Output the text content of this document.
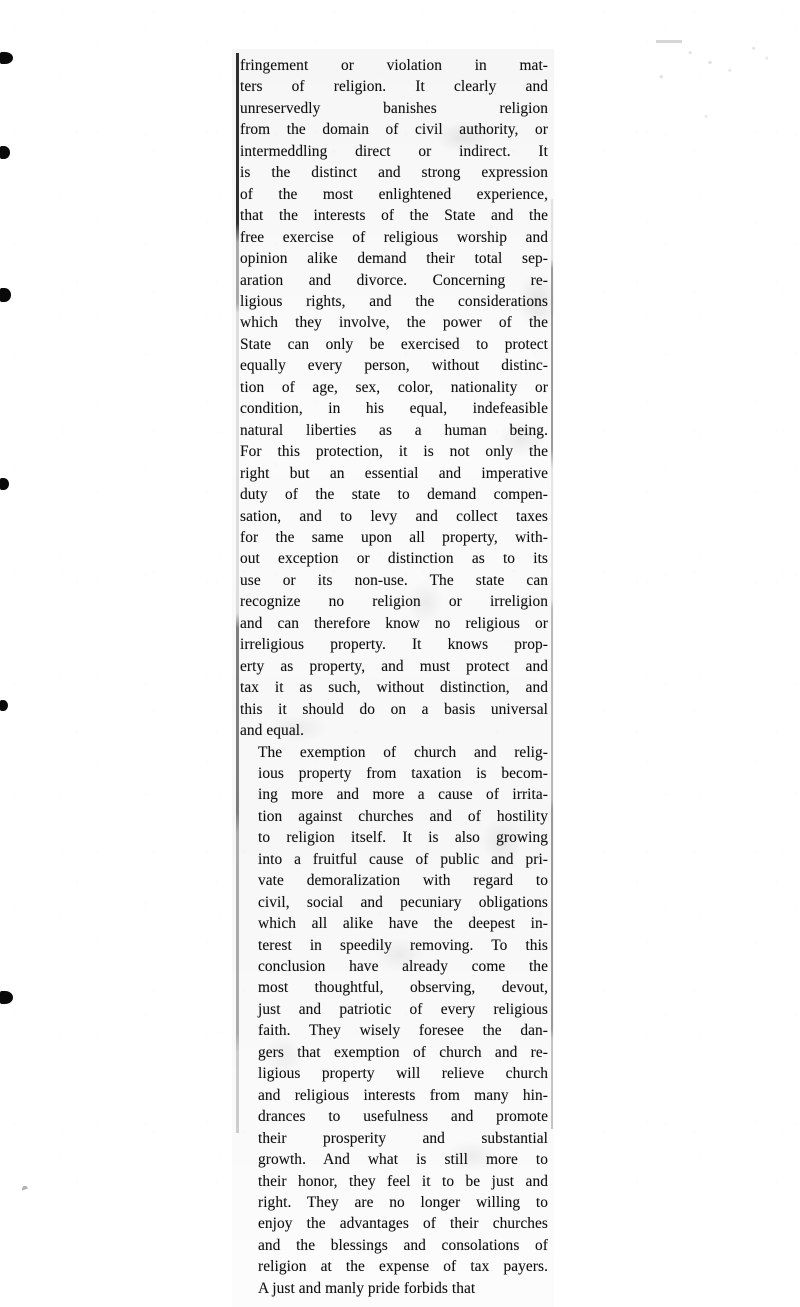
fringement or violation in mat-
ters of religion. It clearly and
unreservedly banishes religion
from the domain of civil authority, or
intermeddling direct or indirect. It
is the distinct and strong expression
of the most enlightened experience,
that the interests of the State and the
free exercise of religious worship and
opinion alike demand their total sep-
aration and divorce. Concerning re-
ligious rights, and the considerations
which they involve, the power of the
State can only be exercised to protect
equally every person, without distinc-
tion of age, sex, color, nationality or
condition, in his equal, indefeasible
natural liberties as a human being.
For this protection, it is not only the
right but an essential and imperative
duty of the state to demand compen-
sation, and to levy and collect taxes
for the same upon all property, with-
out exception or distinction as to its
use or its non-use. The state can
recognize no religion or irreligion
and can therefore know no religious or
irreligious property. It knows prop-
erty as property, and must protect and
tax it as such, without distinction, and
this it should do on a basis universal
and equal.

The exemption of church and relig-
ious property from taxation is becom-
ing more and more a cause of irrita-
tion against churches and of hostility
to religion itself. It is also growing
into a fruitful cause of public and pri-
vate demoralization with regard to
civil, social and pecuniary obligations
which all alike have the deepest in-
terest in speedily removing. To this
conclusion have already come the
most thoughtful, observing, devout,
just and patriotic of every religious
faith. They wisely foresee the dan-
gers that exemption of church and re-
ligious property will relieve church
and religious interests from many hin-
drances to usefulness and promote
their prosperity and substantial
growth. And what is still more to
their honor, they feel it to be just and
right. They are no longer willing to
enjoy the advantages of their churches
and the blessings and consolations of
religion at the expense of tax payers.
A just and manly pride forbids that
